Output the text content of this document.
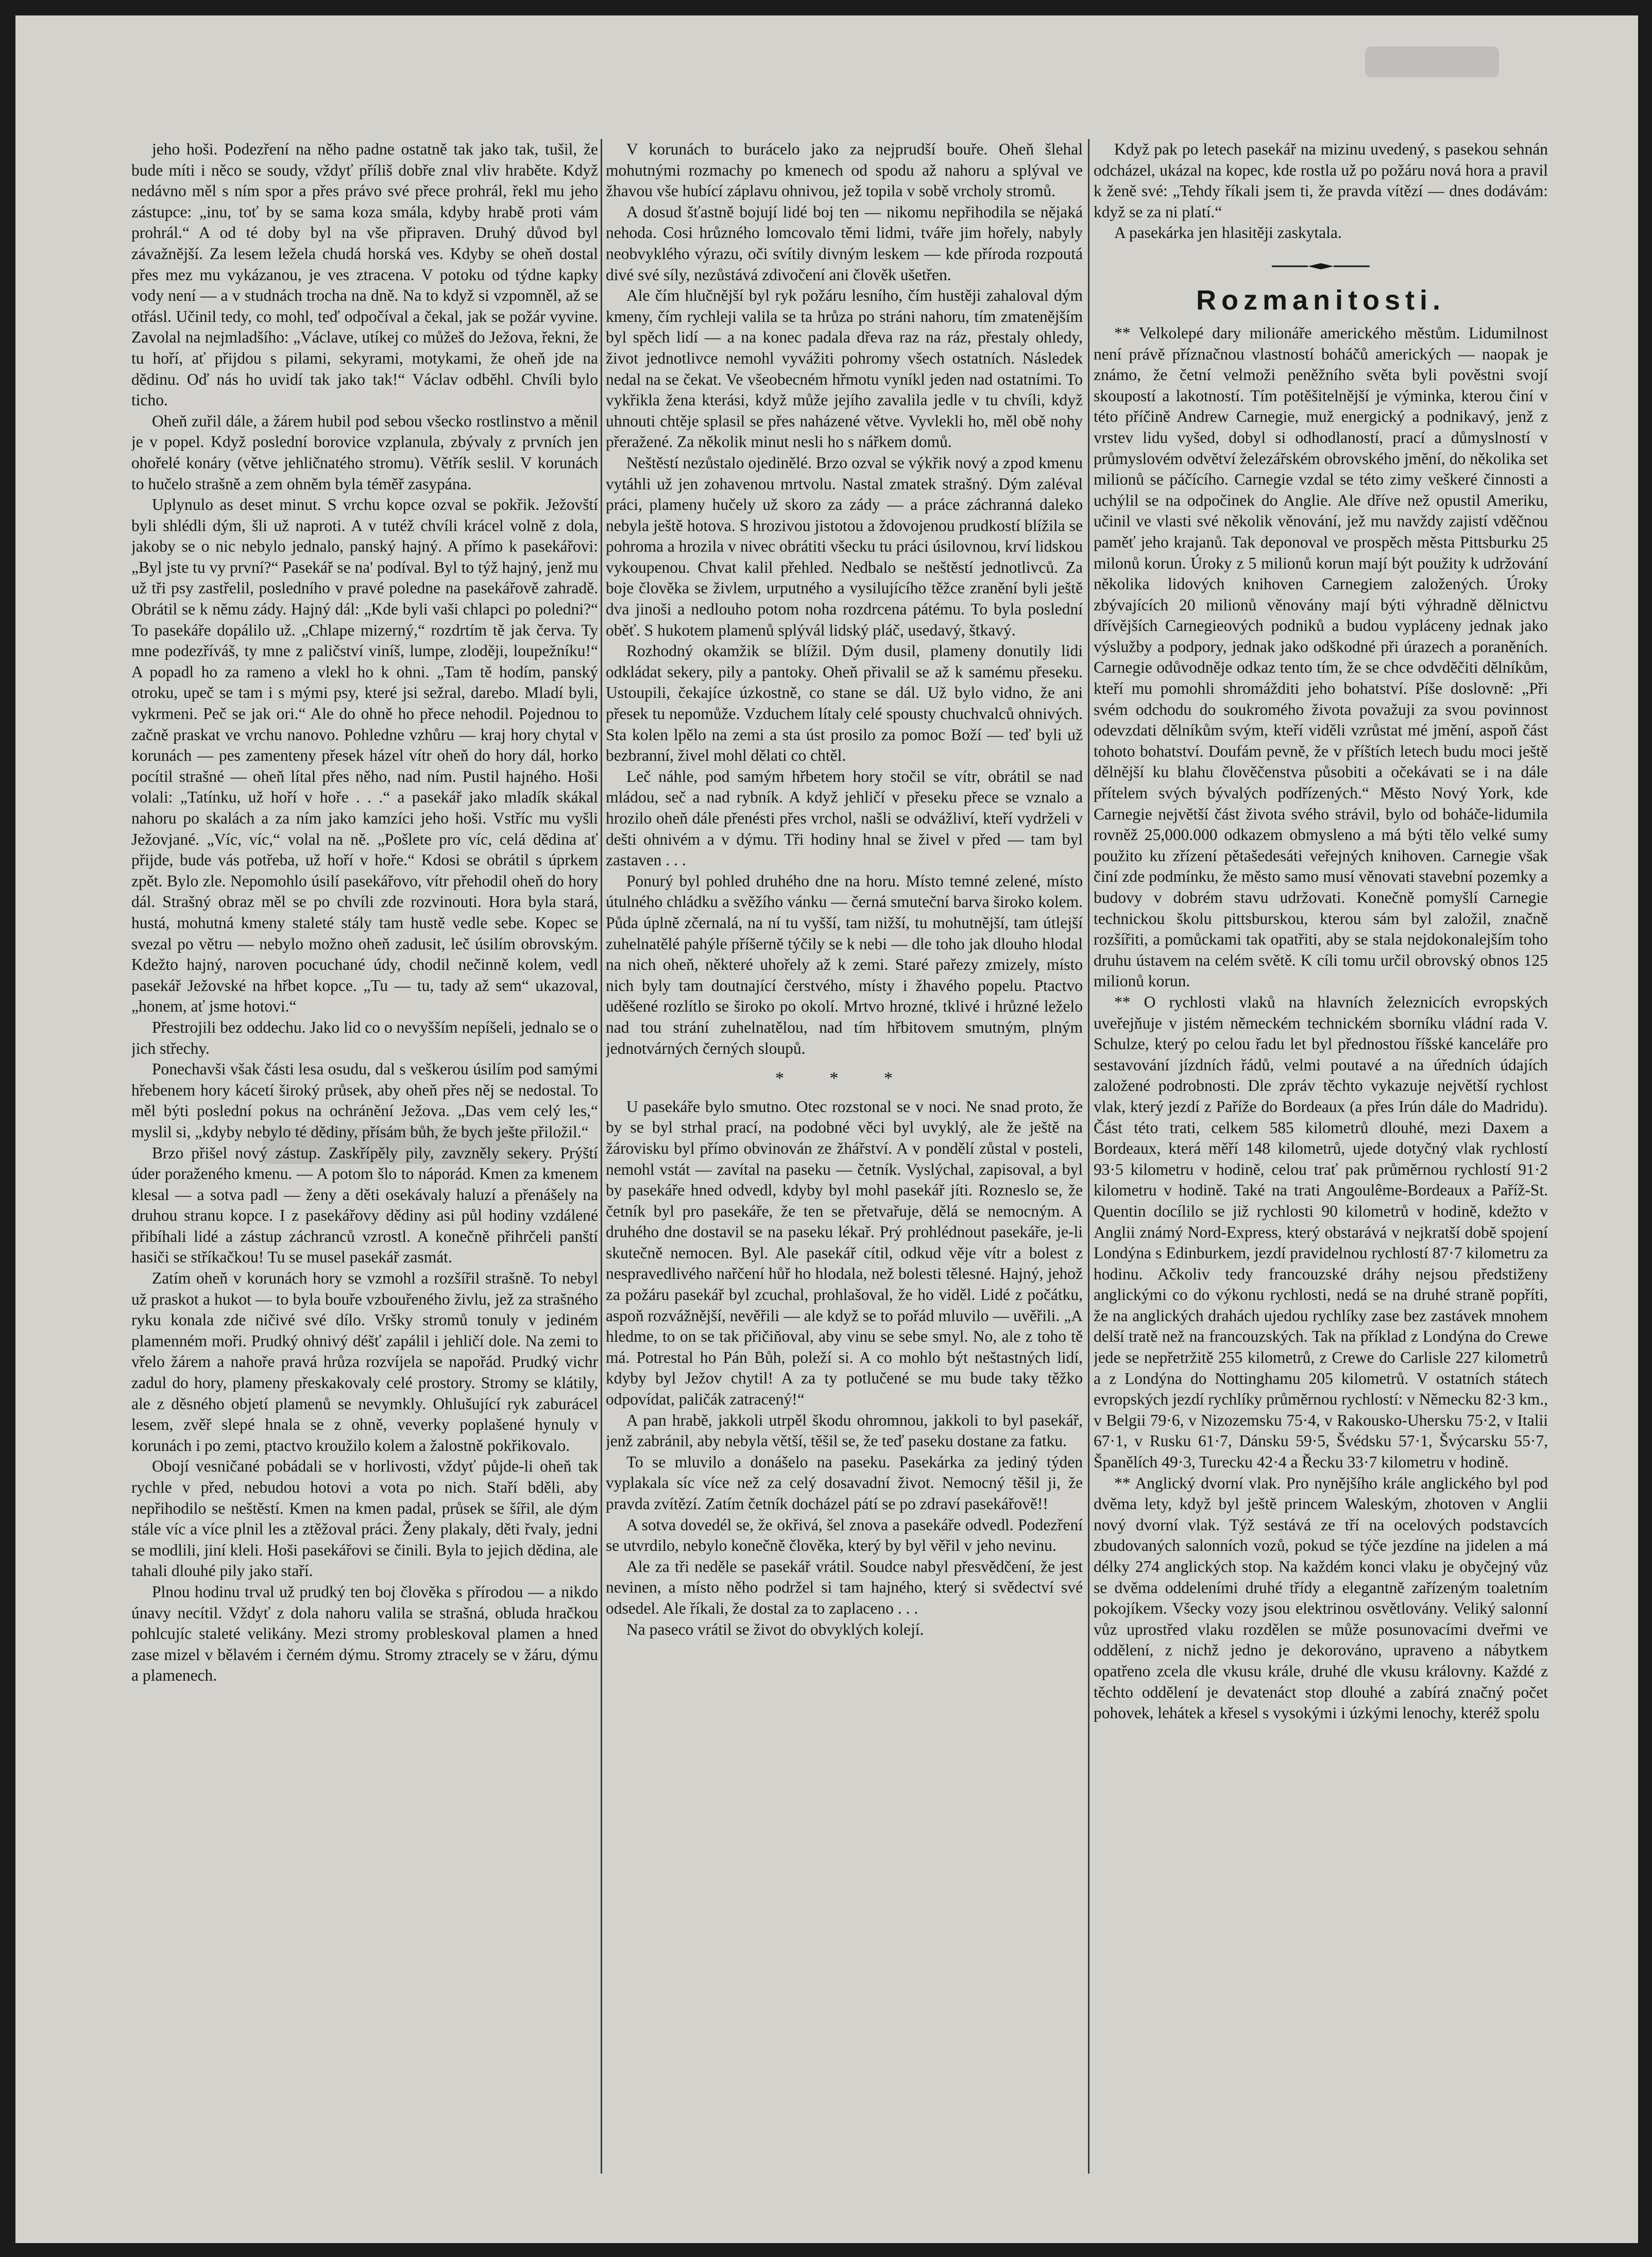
jeho hoši. Podezření na něho padne ostatně tak jako tak, tušil, že bude míti i něco se soudy, vždyť příliš dobře znal vliv hraběte. Když nedávno měl s ním spor a přes právo své přece prohrál, řekl mu jeho zástupce: „inu, toť by se sama koza smála, kdyby hrabě proti vám prohrál.“ A od té doby byl na vše připraven. Druhý důvod byl závažnější. Za lesem ležela chudá horská ves. Kdyby se oheň dostal přes mez mu vykázanou, je ves ztracena. V potoku od týdne kapky vody není — a v studnách trocha na dně. Na to když si vzpomněl, až se otřásl. Učinil tedy, co mohl, teď odpočíval a čekal, jak se požár vyvine. Zavolal na nejmladšího: „Václave, utíkej co můžeš do Ježova, řekni, že tu hoří, ať přijdou s pilami, sekyrami, motykami, že oheň jde na dědinu. Oď nás ho uvidí tak jako tak!“ Václav odběhl. Chvíli bylo ticho.

Oheň zuřil dále, a žárem hubil pod sebou všecko rostlinstvo a měnil je v popel. Když poslední borovice vzplanula, zbývaly z prvních jen ohořelé konáry (větve jehličnatého stromu). Větřík seslil. V korunách to hučelo strašně a zem ohněm byla téměř zasypána.

Uplynulo as deset minut. S vrchu kopce ozval se pokřik. Ježovští byli shlédli dým, šli už naproti. A v tutéž chvíli krácel volně z dola, jakoby se o nic nebylo jednalo, panský hajný. A přímo k pasekářovi: „Byl jste tu vy první?“ Pasekář se na' podíval. Byl to týž hajný, jenž mu už tři psy zastřelil, posledního v pravé poledne na pasekářově zahradě. Obrátil se k němu zády. Hajný dál: „Kde byli vaši chlapci po poledni?“ To pasekáře dopálilo už. „Chlape mizerný,“ rozdrtím tě jak červa. Ty mne podezříváš, ty mne z paličství viníš, lumpe, zloději, loupežníku!“ A popadl ho za rameno a vlekl ho k ohni. „Tam tě hodím, panský otroku, upeč se tam i s mými psy, které jsi sežral, darebo. Mladí byli, vykrmeni. Peč se jak ori.“ Ale do ohně ho přece nehodil. Pojednou to začně praskat ve vrchu nanovo. Pohledne vzhůru — kraj hory chytal v korunách — pes zamenteny přesek házel vítr oheň do hory dál, horko pocítil strašné — oheň lítal přes něho, nad ním. Pustil hajného. Hoši volali: „Tatínku, už hoří v hoře . . .“ a pasekář jako mladík skákal nahoru po skalách a za ním jako kamzíci jeho hoši. Vstříc mu vyšli Ježovjané. „Víc, víc,“ volal na ně. „Pošlete pro víc, celá dědina ať přijde, bude vás potřeba, už hoří v hoře.“ Kdosi se obrátil s úprkem zpět. Bylo zle. Nepomohlo úsilí pasekářovo, vítr přehodil oheň do hory dál. Strašný obraz měl se po chvíli zde rozvinouti. Hora byla stará, hustá, mohutná kmeny staleté stály tam hustě vedle sebe. Kopec se svezal po větru — nebylo možno oheň zadusit, leč úsilím obrovským. Kdežto hajný, naroven pocuchané údy, chodil nečinně kolem, vedl pasekář Ježovské na hřbet kopce. „Tu — tu, tady až sem“ ukazoval, „honem, ať jsme hotovi.“

Přestrojili bez oddechu. Jako lid co o nevyšším nepíšeli, jednalo se o jich střechy.

Ponechavši však části lesa osudu, dal s veškerou úsilím pod samými hřebenem hory kácetí široký průsek, aby oheň přes něj se nedostal. To měl býti poslední pokus na ochránění Ježova. „Das vem celý les,“ myslil si, „kdyby nebylo té dědiny, přísám bůh, že bych ješte přiložil.“

Brzo přišel nový zástup. Zaskřípěly pily, zavzněly sekery. Prýští úder poraženého kmenu. — A potom šlo to náporád. Kmen za kmenem klesal — a sotva padl — ženy a děti osekávaly haluzí a přenášely na druhou stranu kopce. I z pasekářovy dědiny asi půl hodiny vzdálené přibíhali lidé a zástup záchranců vzrostl. A konečně přihrčeli panští hasiči se stříkačkou! Tu se musel pasekář zasmát.

Zatím oheň v korunách hory se vzmohl a rozšířil strašně. To nebyl už praskot a hukot — to byla bouře vzbouřeného živlu, jež za strašného ryku konala zde ničivé své dílo. Vršky stromů tonuly v jediném plamenném moři. Prudký ohnivý déšť zapálil i jehličí dole. Na zemi to vřelo žárem a nahoře pravá hrůza rozvíjela se napořád. Prudký vichr zadul do hory, plameny přeskakovaly celé prostory. Stromy se klátily, ale z děsného objetí plamenů se nevymkly. Ohlušující ryk zaburácel lesem, zvěř slepé hnala se z ohně, veverky poplašené hynuly v korunách i po zemi, ptactvo kroužilo kolem a žalostně pokřikovalo.

Obojí vesničané pobádali se v horlivosti, vždyť půjde-li oheň tak rychle v před, nebudou hotovi a vota po nich. Staří bděli, aby nepřihodilo se neštěstí. Kmen na kmen padal, průsek se šířil, ale dým stále víc a více plnil les a ztěžoval práci. Ženy plakaly, děti řvaly, jedni se modlili, jiní kleli. Hoši pasekářovi se činili. Byla to jejich dědina, ale tahali dlouhé pily jako staří.

Plnou hodinu trval už prudký ten boj člověka s přírodou — a nikdo únavy necítil. Vždyť z dola nahoru valila se strašná, obluda hračkou pohlcujíc staleté velikány. Mezi stromy probleskoval plamen a hned zase mizel v bělavém i černém dýmu. Stromy ztracely se v žáru, dýmu a plamenech.

V korunách to burácelo jako za nejprudší bouře. Oheň šlehal mohutnými rozmachy po kmenech od spodu až nahoru a splýval ve žhavou vše hubící záplavu ohnivou, jež topila v sobě vrcholy stromů.

A dosud šťastně bojují lidé boj ten — nikomu nepřihodila se nějaká nehoda. Cosi hrůzného lomcovalo těmi lidmi, tváře jim hořely, nabyly neobvyklého výrazu, oči svítily divným leskem — kde příroda rozpoutá divé své síly, nezůstává zdivočení ani člověk ušetřen.

Ale čím hlučnější byl ryk požáru lesního, čím hustěji zahaloval dým kmeny, čím rychleji valila se ta hrůza po stráni nahoru, tím zmatenějším byl spěch lidí — a na konec padala dřeva raz na ráz, přestaly ohledy, život jednotlivce nemohl vyvážiti pohromy všech ostatních. Následek nedal na se čekat. Ve všeobecném hřmotu vyníkl jeden nad ostatními. To vykřikla žena kterási, když může jejího zavalila jedle v tu chvíli, když uhnouti chtěje splasil se přes naházené větve. Vyvlekli ho, měl obě nohy přeražené. Za několik minut nesli ho s nářkem domů.

Neštěstí nezůstalo ojedinělé. Brzo ozval se výkřik nový a zpod kmenu vytáhli už jen zohavenou mrtvolu. Nastal zmatek strašný. Dým zaléval práci, plameny hučely už skoro za zády — a práce záchranná daleko nebyla ještě hotova. S hrozivou jistotou a ždovojenou prudkostí blížila se pohroma a hrozila v nivec obrátiti všecku tu práci úsilovnou, krví lidskou vykoupenou. Chvat kalil přehled. Nedbalo se neštěstí jednotlivců. Za boje člověka se živlem, urputného a vysilujícího těžce zranění byli ještě dva jinoši a nedlouho potom noha rozdrcena pátému. To byla poslední oběť. S hukotem plamenů splývál lidský pláč, usedavý, štkavý.

Rozhodný okamžik se blížil. Dým dusil, plameny donutily lidi odkládat sekery, pily a pantoky. Oheň přivalil se až k samému přeseku. Ustoupili, čekajíce úzkostně, co stane se dál. Už bylo vidno, že ani přesek tu nepomůže. Vzduchem lítaly celé spousty chuchvalců ohnivých. Sta kolen lpělo na zemi a sta úst prosilo za pomoc Boží — teď byli už bezbranní, živel mohl dělati co chtěl.

Leč náhle, pod samým hřbetem hory stočil se vítr, obrátil se nad mládou, seč a nad rybník. A když jehličí v přeseku přece se vznalo a hrozilo oheň dále přenésti přes vrchol, našli se odvážliví, kteří vydrželi v dešti ohnivém a v dýmu. Tři hodiny hnal se živel v před — tam byl zastaven . . .

Ponurý byl pohled druhého dne na horu. Místo temné zelené, místo útulného chládku a svěžího vánku — černá smuteční barva široko kolem. Půda úplně zčernalá, na ní tu vyšší, tam nižší, tu mohutnější, tam útlejší zuhelnatělé pahýle příšerně týčily se k nebi — dle toho jak dlouho hlodal na nich oheň, některé uhořely až k zemi. Staré pařezy zmizely, místo nich byly tam doutnající čerstvého, místy i žhavého popelu. Ptactvo uděšené rozlítlo se široko po okolí. Mrtvo hrozné, tklivé i hrůzné leželo nad tou strání zuhelnatělou, nad tím hřbitovem smutným, plným jednotvárných černých sloupů.

* * *

U pasekáře bylo smutno. Otec rozstonal se v noci. Ne snad proto, že by se byl strhal prací, na podobné věci byl uvyklý, ale že ještě na žárovisku byl přímo obvinován ze žhářství. A v pondělí zůstal v posteli, nemohl vstát — zavítal na paseku — četník. Vyslýchal, zapisoval, a byl by pasekáře hned odvedl, kdyby byl mohl pasekář jíti. Rozneslo se, že četník byl pro pasekáře, že ten se přetvařuje, dělá se nemocným. A druhého dne dostavil se na paseku lékař. Prý prohlédnout pasekáře, je-li skutečně nemocen. Byl. Ale pasekář cítil, odkud věje vítr a bolest z nespravedlivého nařčení hůř ho hlodala, než bolesti tělesné. Hajný, jehož za požáru pasekář byl zcuchal, prohlašoval, že ho viděl. Lidé z počátku, aspoň rozvážnější, nevěřili — ale když se to pořád mluvilo — uvěřili. „A hledme, to on se tak přičiňoval, aby vinu se sebe smyl. No, ale z toho tě má. Potrestal ho Pán Bůh, poleží si. A co mohlo být neštastných lidí, kdyby byl Ježov chytil! A za ty potlučené se mu bude taky těžko odpovídat, paličák zatracený!“

A pan hrabě, jakkoli utrpěl škodu ohromnou, jakkoli to byl pasekář, jenž zabránil, aby nebyla větší, těšil se, že teď paseku dostane za fatku.

To se mluvilo a donášelo na paseku. Pasekárka za jediný týden vyplakala síc více než za celý dosavadní život. Nemocný těšil ji, že pravda zvítězí. Zatím četník docházel pátí se po zdraví pasekářově!!

A sotva dovedél se, že okřivá, šel znova a pasekáře odvedl. Podezření se utvrdilo, nebylo konečně člověka, který by byl věřil v jeho nevinu.

Ale za tři neděle se pasekář vrátil. Soudce nabyl přesvědčení, že jest nevinen, a místo něho podržel si tam hajného, který si svědectví své odsedel. Ale říkali, že dostal za to zaplaceno . . .

Na paseco vrátil se život do obvyklých kolejí.

Když pak po letech pasekář na mizinu uvedený, s pasekou sehnán odcházel, ukázal na kopec, kde rostla už po požáru nová hora a pravil k ženě své: „Tehdy říkali jsem ti, že pravda vítězí — dnes dodávám: když se za ni platí.“

A pasekárka jen hlasitěji zaskytala.

Rozmanitosti.

** Velkolepé dary milionáře amerického městům. Lidumilnost není právě příznačnou vlastností boháčů amerických — naopak je známo, že četní velmoži peněžního světa byli pověstni svojí skoupostí a lakotností. Tím potěšitelnější je výminka, kterou činí v této příčině Andrew Carnegie, muž energický a podnikavý, jenž z vrstev lidu vyšed, dobyl si odhodlaností, prací a důmyslností v průmyslovém odvětví železářském obrovského jmění, do několika set milionů se páčícího. Carnegie vzdal se této zimy veškeré činnosti a uchýlil se na odpočinek do Anglie. Ale dříve než opustil Ameriku, učinil ve vlasti své několik věnování, jež mu navždy zajistí vděčnou paměť jeho krajanů. Tak deponoval ve prospěch města Pittsburku 25 milonů korun. Úroky z 5 milionů korun mají být použity k udržování několika lidových knihoven Carnegiem založených. Úroky zbývajících 20 milionů věnovány mají býti výhradně dělnictvu dřívějších Carnegieových podniků a budou vypláceny jednak jako výslužby a podpory, jednak jako odškodné při úrazech a poraněních. Carnegie odůvodněje odkaz tento tím, že se chce odvděčiti dělníkům, kteří mu pomohli shromážditi jeho bohatství. Píše doslovně: „Při svém odchodu do soukromého života považuji za svou povinnost odevzdati dělníkům svým, kteří viděli vzrůstat mé jmění, aspoň část tohoto bohatství. Doufám pevně, že v příštích letech budu moci ještě dělnější ku blahu člověčenstva působiti a očekávati se i na dále přítelem svých bývalých podřízených.“ Město Nový York, kde Carnegie největší část života svého strávil, bylo od boháče-lidumila rovněž 25,000.000 odkazem obmysleno a má býti tělo velké sumy použito ku zřízení pětašedesáti veřejných knihoven. Carnegie však činí zde podmínku, že město samo musí věnovati stavební pozemky a budovy v dobrém stavu udržovati. Konečně pomyšlí Carnegie technickou školu pittsburskou, kterou sám byl založil, značně rozšířiti, a pomůckami tak opatřiti, aby se stala nejdokonalejším toho druhu ústavem na celém světě. K cíli tomu určil obrovský obnos 125 milionů korun.

** O rychlosti vlaků na hlavních železnicích evropských uveřejňuje v jistém německém technickém sborníku vládní rada V. Schulze, který po celou řadu let byl přednostou říšské kanceláře pro sestavování jízdních řádů, velmi poutavé a na úředních údajích založené podrobnosti. Dle zpráv těchto vykazuje největší rychlost vlak, který jezdí z Paříže do Bordeaux (a přes Irún dále do Madridu). Část této trati, celkem 585 kilometrů dlouhé, mezi Daxem a Bordeaux, která měří 148 kilometrů, ujede dotyčný vlak rychlostí 93·5 kilometru v hodině, celou trať pak průměrnou rychlostí 91·2 kilometru v hodině. Také na trati Angoulême-Bordeaux a Paříž-St. Quentin docílilo se již rychlosti 90 kilometrů v hodině, kdežto v Anglii známý Nord-Express, který obstarává v nejkratší době spojení Londýna s Edinburkem, jezdí pravidelnou rychlostí 87·7 kilometru za hodinu. Ačkoliv tedy francouzské dráhy nejsou předstiženy anglickými co do výkonu rychlosti, nedá se na druhé straně popříti, že na anglických drahách ujedou rychlíky zase bez zastávek mnohem delší tratě než na francouzských. Tak na příklad z Londýna do Crewe jede se nepřetržitě 255 kilometrů, z Crewe do Carlisle 227 kilometrů a z Londýna do Nottinghamu 205 kilometrů. V ostatních státech evropských jezdí rychlíky průměrnou rychlostí: v Německu 82·3 km., v Belgii 79·6, v Nizozemsku 75·4, v Rakousko-Uhersku 75·2, v Italii 67·1, v Rusku 61·7, Dánsku 59·5, Švédsku 57·1, Švýcarsku 55·7, Španělích 49·3, Turecku 42·4 a Řecku 33·7 kilometru v hodině.

** Anglický dvorní vlak. Pro nynějšího krále anglického byl pod dvěma lety, když byl ještě princem Waleským, zhotoven v Anglii nový dvorní vlak. Týž sestává ze tří na ocelových podstavcích zbudovaných salonních vozů, pokud se týče jezdíne na jidelen a má délky 274 anglických stop. Na každém konci vlaku je obyčejný vůz se dvěma oddeleními druhé třídy a elegantně zařízeným toaletním pokojíkem. Všecky vozy jsou elektrinou osvětlovány. Veliký salonní vůz uprostřed vlaku rozdělen se může posunovacími dveřmi ve oddělení, z nichž jedno je dekorováno, upraveno a nábytkem opatřeno zcela dle vkusu krále, druhé dle vkusu královny. Každé z těchto oddělení je devatenáct stop dlouhé a zabírá značný počet pohovek, lehátek a křesel s vysokými i úzkými lenochy, kteréž spolu
